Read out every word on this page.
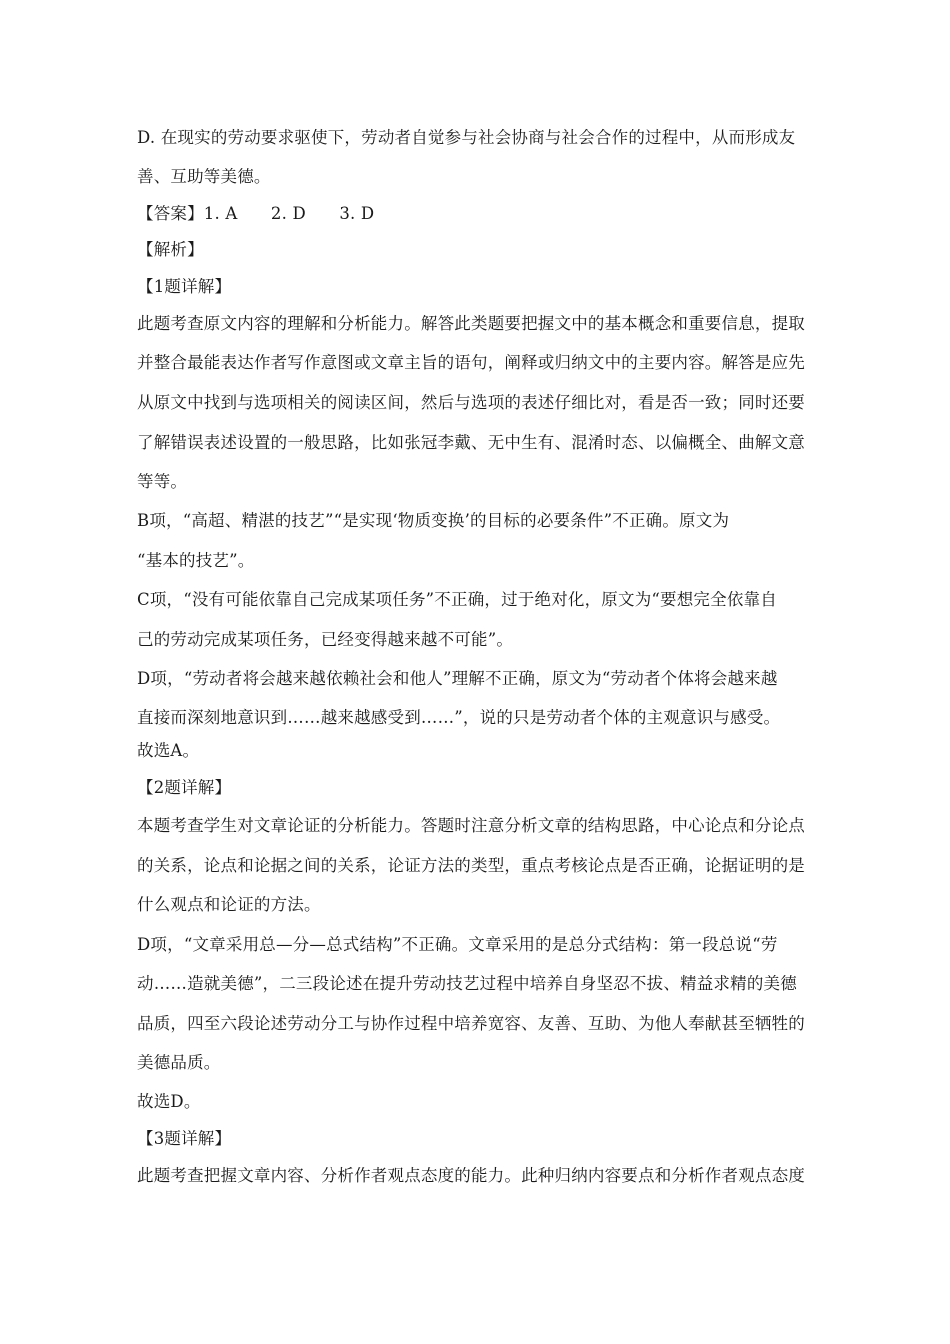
D. 在现实的劳动要求驱使下，劳动者自觉参与社会协商与社会合作的过程中，从而形成友
善、互助等美德。
【答案】1. A　　2. D　　3. D
【解析】
【1题详解】
此题考查原文内容的理解和分析能力。解答此类题要把握文中的基本概念和重要信息，提取
并整合最能表达作者写作意图或文章主旨的语句，阐释或归纳文中的主要内容。解答是应先
从原文中找到与选项相关的阅读区间，然后与选项的表述仔细比对，看是否一致；同时还要
了解错误表述设置的一般思路，比如张冠李戴、无中生有、混淆时态、以偏概全、曲解文意
等等。
B项，“高超、精湛的技艺”“是实现‘物质变换’的目标的必要条件”不正确。原文为
“基本的技艺”。
C项，“没有可能依靠自己完成某项任务”不正确，过于绝对化，原文为“要想完全依靠自
己的劳动完成某项任务，已经变得越来越不可能”。
D项，“劳动者将会越来越依赖社会和他人”理解不正确，原文为“劳动者个体将会越来越
直接而深刻地意识到……越来越感受到……”，说的只是劳动者个体的主观意识与感受。
故选A。
【2题详解】
本题考查学生对文章论证的分析能力。答题时注意分析文章的结构思路，中心论点和分论点
的关系，论点和论据之间的关系，论证方法的类型，重点考核论点是否正确，论据证明的是
什么观点和论证的方法。
D项，“文章采用总—分—总式结构”不正确。文章采用的是总分式结构：第一段总说“劳
动……造就美德”，二三段论述在提升劳动技艺过程中培养自身坚忍不拔、精益求精的美德
品质，四至六段论述劳动分工与协作过程中培养宽容、友善、互助、为他人奉献甚至牺牲的
美德品质。
故选D。
【3题详解】
此题考查把握文章内容、分析作者观点态度的能力。此种归纳内容要点和分析作者观点态度
